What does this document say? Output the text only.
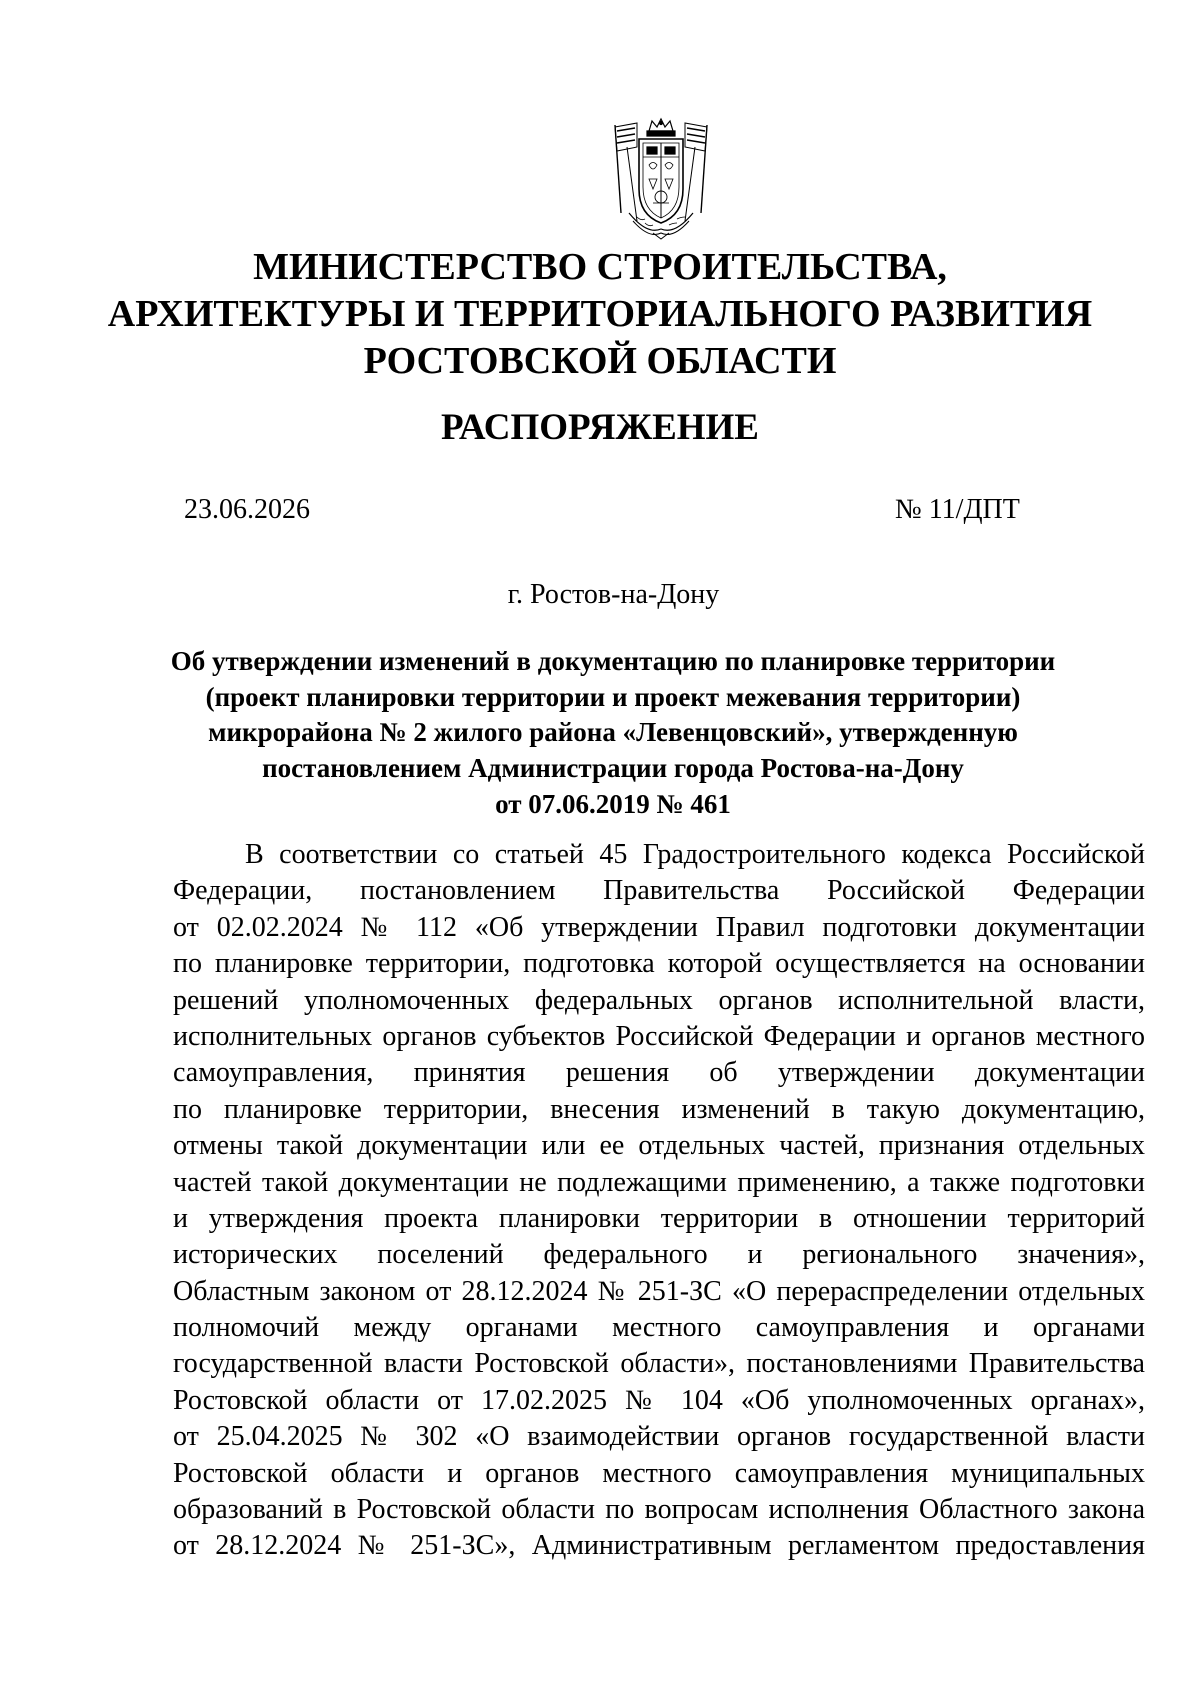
МИНИСТЕРСТВО СТРОИТЕЛЬСТВА,
АРХИТЕКТУРЫ И ТЕРРИТОРИАЛЬНОГО РАЗВИТИЯ
РОСТОВСКОЙ ОБЛАСТИ
РАСПОРЯЖЕНИЕ
23.06.2026	№ 11/ДПТ
г. Ростов-на-Дону
Об утверждении изменений в документацию по планировке территории
(проект планировки территории и проект межевания территории)
микрорайона № 2 жилого района «Левенцовский», утвержденную
постановлением Администрации города Ростова-на-Дону
от 07.06.2019 № 461
В соответствии со статьей 45 Градостроительного кодекса Российской
Федерации, постановлением Правительства Российской Федерации
от 02.02.2024 № 112 «Об утверждении Правил подготовки документации
по планировке территории, подготовка которой осуществляется на основании
решений уполномоченных федеральных органов исполнительной власти,
исполнительных органов субъектов Российской Федерации и органов местного
самоуправления, принятия решения об утверждении документации
по планировке территории, внесения изменений в такую документацию,
отмены такой документации или ее отдельных частей, признания отдельных
частей такой документации не подлежащими применению, а также подготовки
и утверждения проекта планировки территории в отношении территорий
исторических поселений федерального и регионального значения»,
Областным законом от 28.12.2024 № 251-ЗС «О перераспределении отдельных
полномочий между органами местного самоуправления и органами
государственной власти Ростовской области», постановлениями Правительства
Ростовской области от 17.02.2025 № 104 «Об уполномоченных органах»,
от 25.04.2025 № 302 «О взаимодействии органов государственной власти
Ростовской области и органов местного самоуправления муниципальных
образований в Ростовской области по вопросам исполнения Областного закона
от 28.12.2024 № 251-ЗС», Административным регламентом предоставления
